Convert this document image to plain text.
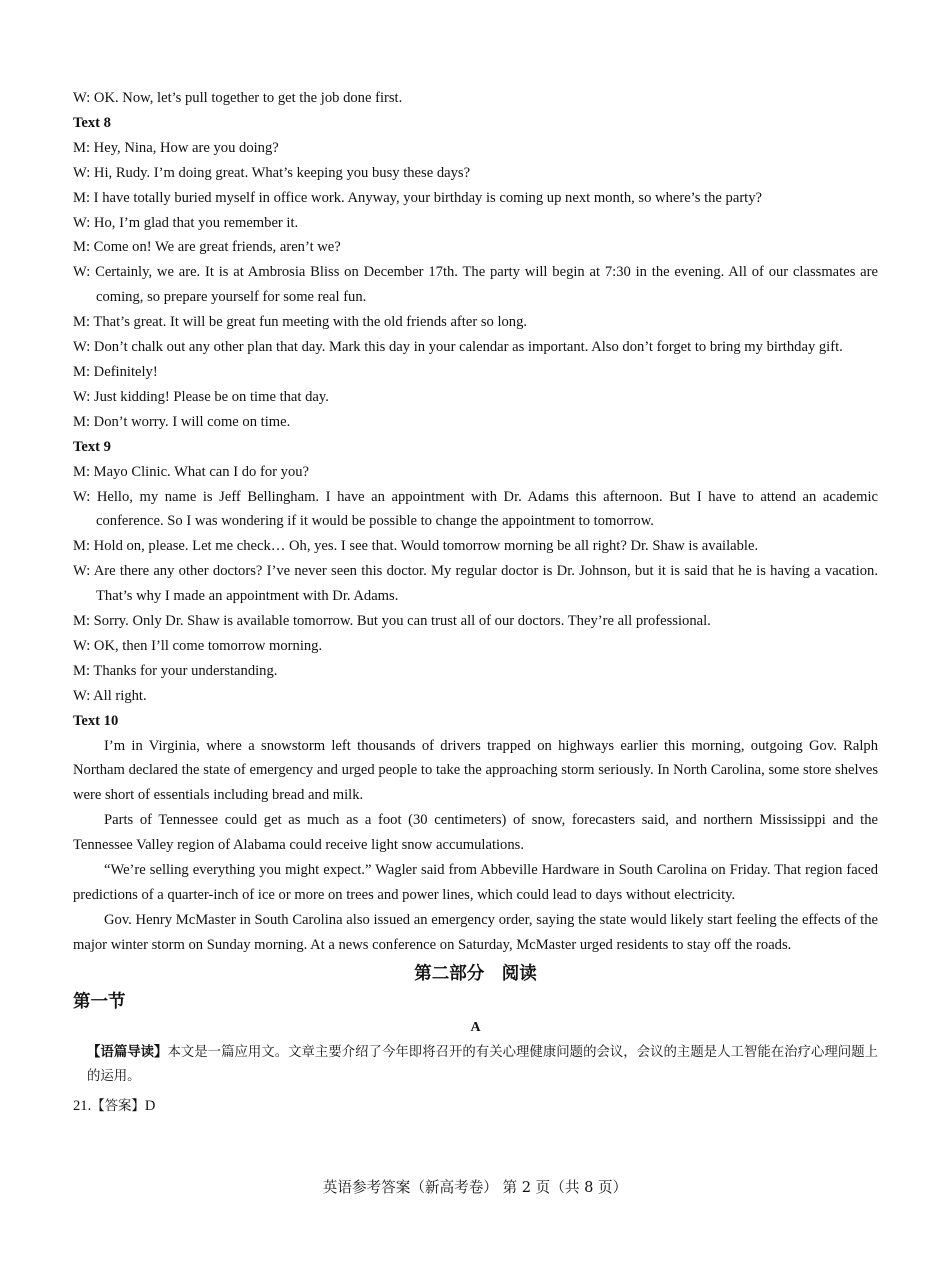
W: OK. Now, let’s pull together to get the job done first.
Text 8
M: Hey, Nina, How are you doing?
W: Hi, Rudy. I’m doing great. What’s keeping you busy these days?
M: I have totally buried myself in office work. Anyway, your birthday is coming up next month, so where’s the party?
W: Ho, I’m glad that you remember it.
M: Come on! We are great friends, aren’t we?
W: Certainly, we are. It is at Ambrosia Bliss on December 17th. The party will begin at 7:30 in the evening. All of our classmates are coming, so prepare yourself for some real fun.
M: That’s great. It will be great fun meeting with the old friends after so long.
W: Don’t chalk out any other plan that day. Mark this day in your calendar as important. Also don’t forget to bring my birthday gift.
M: Definitely!
W: Just kidding! Please be on time that day.
M: Don’t worry. I will come on time.
Text 9
M: Mayo Clinic. What can I do for you?
W: Hello, my name is Jeff Bellingham. I have an appointment with Dr. Adams this afternoon. But I have to attend an academic conference. So I was wondering if it would be possible to change the appointment to tomorrow.
M: Hold on, please. Let me check… Oh, yes. I see that. Would tomorrow morning be all right? Dr. Shaw is available.
W: Are there any other doctors? I’ve never seen this doctor. My regular doctor is Dr. Johnson, but it is said that he is having a vacation. That’s why I made an appointment with Dr. Adams.
M: Sorry. Only Dr. Shaw is available tomorrow. But you can trust all of our doctors. They’re all professional.
W: OK, then I’ll come tomorrow morning.
M: Thanks for your understanding.
W: All right.
Text 10
I’m in Virginia, where a snowstorm left thousands of drivers trapped on highways earlier this morning, outgoing Gov. Ralph Northam declared the state of emergency and urged people to take the approaching storm seriously. In North Carolina, some store shelves were short of essentials including bread and milk.
Parts of Tennessee could get as much as a foot (30 centimeters) of snow, forecasters said, and northern Mississippi and the Tennessee Valley region of Alabama could receive light snow accumulations.
“We’re selling everything you might expect.” Wagler said from Abbeville Hardware in South Carolina on Friday. That region faced predictions of a quarter-inch of ice or more on trees and power lines, which could lead to days without electricity.
Gov. Henry McMaster in South Carolina also issued an emergency order, saying the state would likely start feeling the effects of the major winter storm on Sunday morning. At a news conference on Saturday, McMaster urged residents to stay off the roads.
第二部分　阅读
第一节
A
【语篇导读】本文是一篇应用文。文章主要介绍了今年即将召开的有关心理健康问题的会议，会议的主题是人工智能在治疗心理问题上的运用。
21.【答案】D
英语参考答案（新高考卷） 第 2 页（共 8 页）
